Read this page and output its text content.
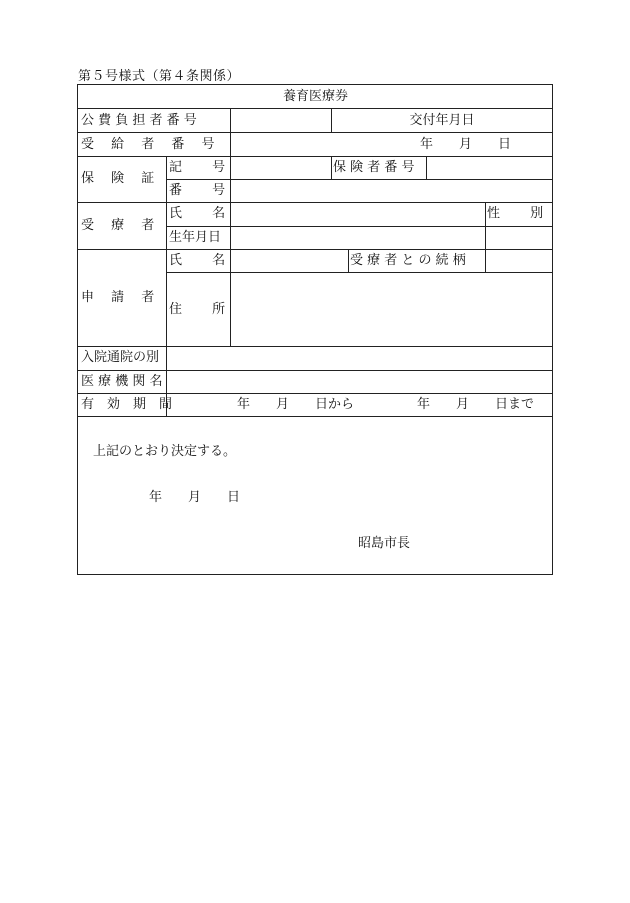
第５号様式（第４条関係）
養育医療券
公 費 負 担 者 番 号	交付年月日
受　 給　 者　 番　 号	年　　月　　日
保　 険　 証
記　　 号	保 険 者 番 号
番　　 号
受　 療　 者
氏　　 名	性　　 別
生年月日
申　 請　 者
氏　　 名	受 療 者 と の 続 柄
住　　 所
入院通院の別
医 療 機 関 名
有　効　期　間	年　　月　　日から	年　　月　　日まで
上記のとおり決定する。
年　　月　　日
昭島市長
